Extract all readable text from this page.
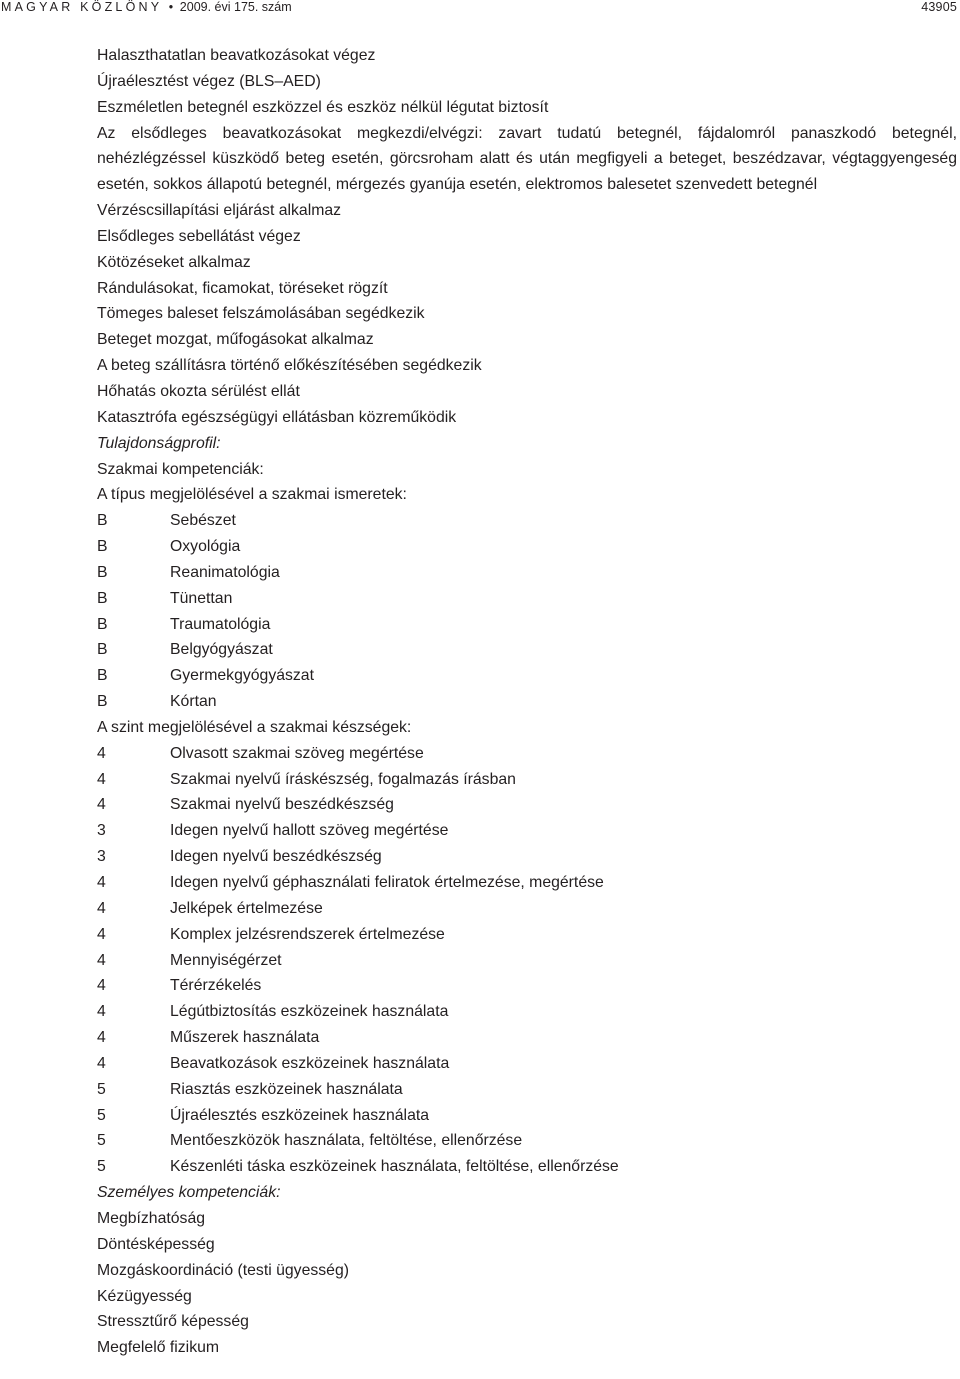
MAGYAR KÖZLÖNY • 2009. évi 175. szám	43905
Halaszthatatlan beavatkozásokat végez
Újraélesztést végez (BLS–AED)
Eszméletlen betegnél eszközzel és eszköz nélkül légutat biztosít
Az elsődleges beavatkozásokat megkezdi/elvégzi: zavart tudatú betegnél, fájdalomról panaszkodó betegnél, nehézlégzéssel küszködő beteg esetén, görcsroham alatt és után megfigyeli a beteget, beszédzavar, végtaggyengeség esetén, sokkos állapotú betegnél, mérgezés gyanúja esetén, elektromos balesetet szenvedett betegnél
Vérzéscsillapítási eljárást alkalmaz
Elsődleges sebellátást végez
Kötözéseket alkalmaz
Rándulásokat, ficamokat, töréseket rögzít
Tömeges baleset felszámolásában segédkezik
Beteget mozgat, műfogásokat alkalmaz
A beteg szállításra történő előkészítésében segédkezik
Hőhatás okozta sérülést ellát
Katasztrófa egészségügyi ellátásban közreműködik
Tulajdonságprofil:
Szakmai kompetenciák:
A típus megjelölésével a szakmai ismeretek:
B	Sebészet
B	Oxyológia
B	Reanimatológia
B	Tünettan
B	Traumatológia
B	Belgyógyászat
B	Gyermekgyógyászat
B	Kórtan
A szint megjelölésével a szakmai készségek:
4	Olvasott szakmai szöveg megértése
4	Szakmai nyelvű íráskészség, fogalmazás írásban
4	Szakmai nyelvű beszédkészség
3	Idegen nyelvű hallott szöveg megértése
3	Idegen nyelvű beszédkészség
4	Idegen nyelvű géphasználati feliratok értelmezése, megértése
4	Jelképek értelmezése
4	Komplex jelzésrendszerek értelmezése
4	Mennyiségérzet
4	Térérzékelés
4	Légútbiztosítás eszközeinek használata
4	Műszerek használata
4	Beavatkozások eszközeinek használata
5	Riasztás eszközeinek használata
5	Újraélesztés eszközeinek használata
5	Mentőeszközök használata, feltöltése, ellenőrzése
5	Készenléti táska eszközeinek használata, feltöltése, ellenőrzése
Személyes kompetenciák:
Megbízhatóság
Döntésképesség
Mozgáskoordináció (testi ügyesség)
Kézügyesség
Stressztűrő képesség
Megfelelő fizikum
